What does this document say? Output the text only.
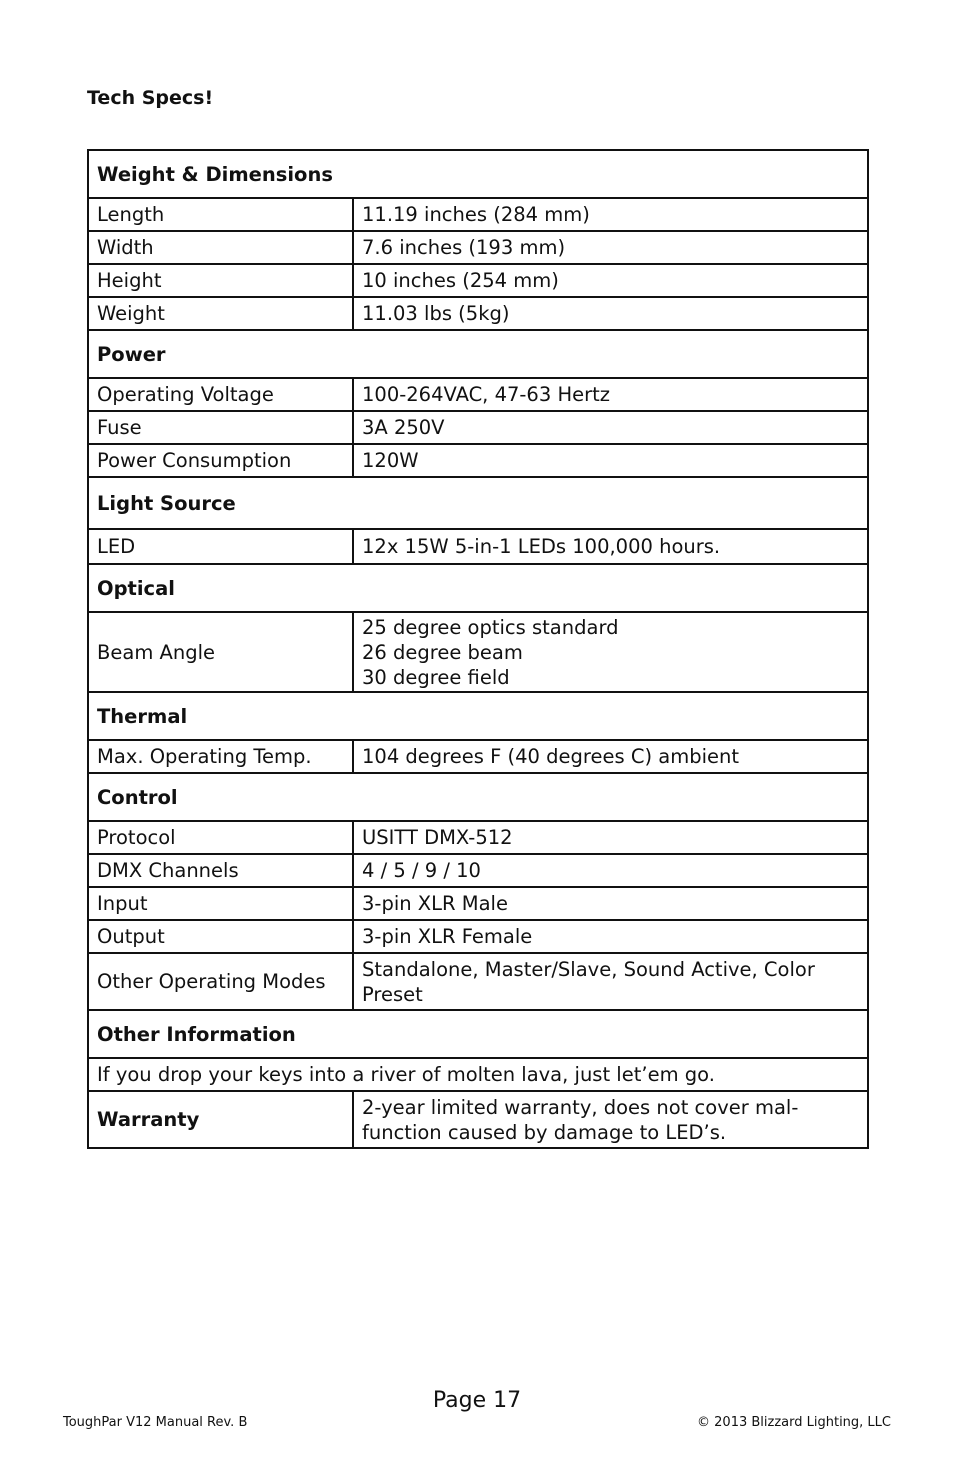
Tech Specs!
Weight & Dimensions	
Length	11.19 inches (284 mm)
Width	7.6 inches (193 mm)
Height	10 inches (254 mm)
Weight	11.03 lbs (5kg)
Power	
Operating Voltage	100-264VAC, 47-63 Hertz
Fuse	3A 250V
Power Consumption	120W
Light Source	
LED	12x 15W 5-in-1 LEDs 100,000 hours.
Optical	
Beam Angle	25 degree optics standard
26 degree beam
30 degree ﬁeld

Thermal	
Max. Operating Temp.	104 degrees F (40 degrees C) ambient
Control	
Protocol	USITT DMX-512
DMX Channels	4 / 5 / 9 / 10
Input	3-pin XLR Male
Output	3-pin XLR Female
Other Operating Modes	Standalone, Master/Slave, Sound Active, Color
Preset

Other Information	
If you drop your keys into a river of molten lava, just let’em go.	
Warranty	2-year limited warranty, does not cover mal-
function caused by damage to LED’s.
Page 17
ToughPar V12 Manual Rev. B	© 2013 Blizzard Lighting, LLC
